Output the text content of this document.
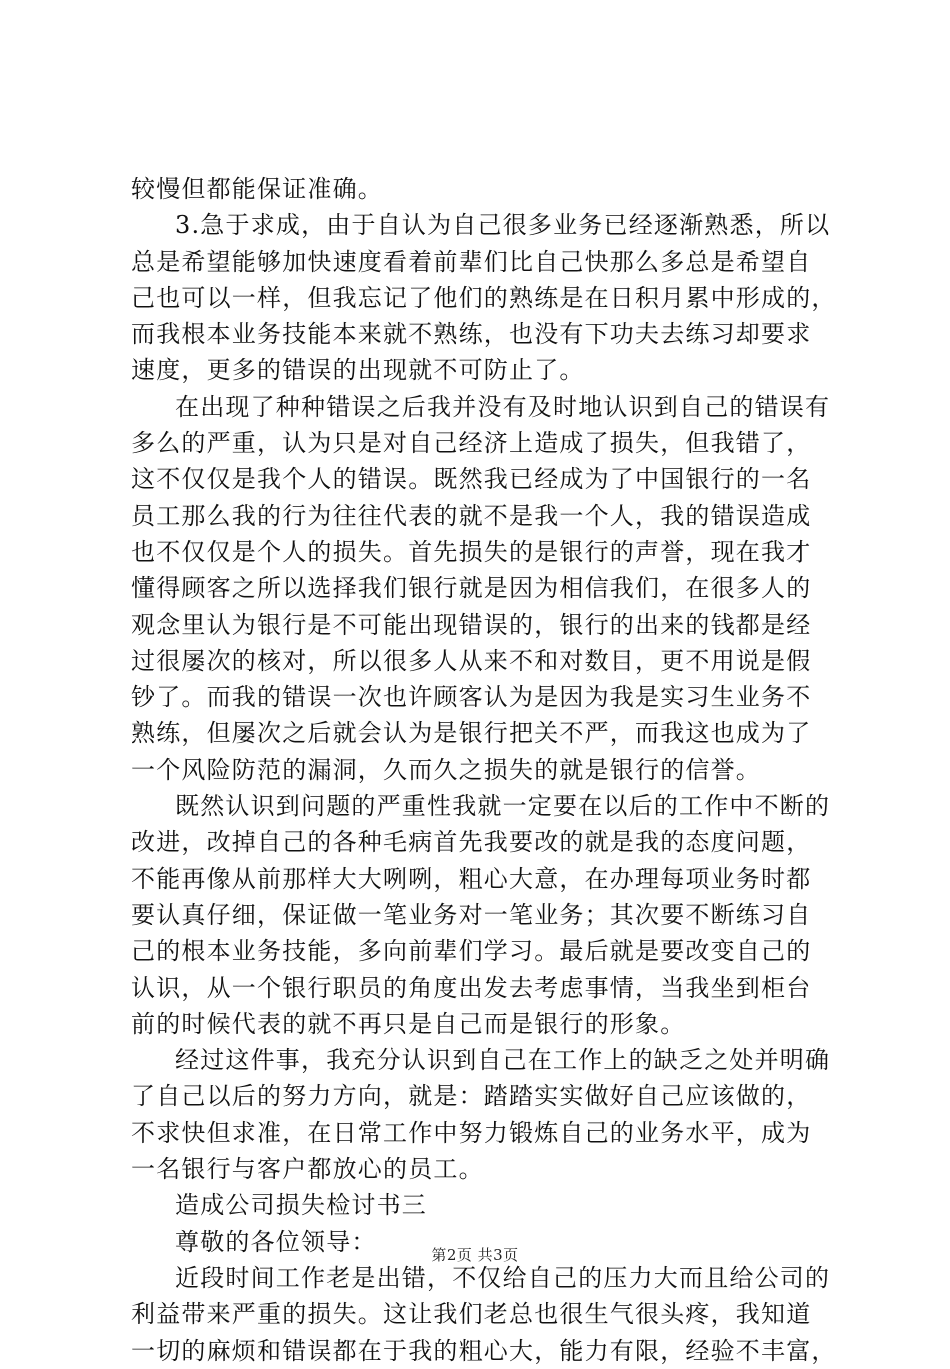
较慢但都能保证准确。
3.急于求成，由于自认为自己很多业务已经逐渐熟悉，所以
总是希望能够加快速度看着前辈们比自己快那么多总是希望自
己也可以一样，但我忘记了他们的熟练是在日积月累中形成的，
而我根本业务技能本来就不熟练，也没有下功夫去练习却要求
速度，更多的错误的出现就不可防止了。
在出现了种种错误之后我并没有及时地认识到自己的错误有
多么的严重，认为只是对自己经济上造成了损失，但我错了，
这不仅仅是我个人的错误。既然我已经成为了中国银行的一名
员工那么我的行为往往代表的就不是我一个人，我的错误造成
也不仅仅是个人的损失。首先损失的是银行的声誉，现在我才
懂得顾客之所以选择我们银行就是因为相信我们，在很多人的
观念里认为银行是不可能出现错误的，银行的出来的钱都是经
过很屡次的核对，所以很多人从来不和对数目，更不用说是假
钞了。而我的错误一次也许顾客认为是因为我是实习生业务不
熟练，但屡次之后就会认为是银行把关不严，而我这也成为了
一个风险防范的漏洞，久而久之损失的就是银行的信誉。
既然认识到问题的严重性我就一定要在以后的工作中不断的
改进，改掉自己的各种毛病首先我要改的就是我的态度问题，
不能再像从前那样大大咧咧，粗心大意，在办理每项业务时都
要认真仔细，保证做一笔业务对一笔业务；其次要不断练习自
己的根本业务技能，多向前辈们学习。最后就是要改变自己的
认识，从一个银行职员的角度出发去考虑事情，当我坐到柜台
前的时候代表的就不再只是自己而是银行的形象。
经过这件事，我充分认识到自己在工作上的缺乏之处并明确
了自己以后的努力方向，就是：踏踏实实做好自己应该做的，
不求快但求准，在日常工作中努力锻炼自己的业务水平，成为
一名银行与客户都放心的员工。
造成公司损失检讨书三
尊敬的各位领导：
近段时间工作老是出错，不仅给自己的压力大而且给公司的
利益带来严重的损失。这让我们老总也很生气很头疼，我知道
一切的麻烦和错误都在于我的粗心大，能力有限，经验不丰富，
第2页 共3页
